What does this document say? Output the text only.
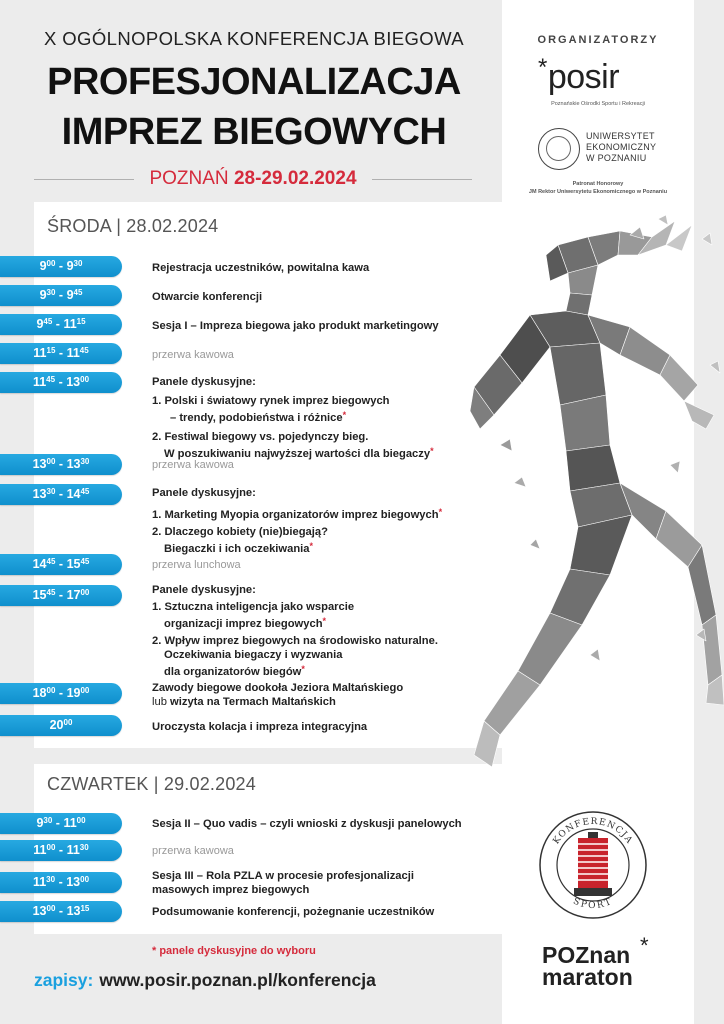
ORGANIZATORZY
*posir
Poznańskie Ośrodki Sportu i Rekreacji
UNIWERSYTET
EKONOMICZNY
W POZNANIU
Patronat Honorowy
JM Rektor Uniwersytetu Ekonomicznego w Poznaniu
X OGÓLNOPOLSKA KONFERENCJA BIEGOWA
PROFESJONALIZACJA
IMPREZ BIEGOWYCH
POZNAŃ 28-29.02.2024
ŚRODA | 28.02.2024
CZWARTEK | 29.02.2024
KONFERENCJA
SPORT
POZnan
maraton
*
$9^{00} - 9^{30}$	Rejestracja uczestników, powitalna kawa
$9^{30} - 9^{45}$	Otwarcie konferencji
$9^{45} - 11^{15}$	Sesja I – Impreza biegowa jako produkt marketingowy
$11^{15} - 11^{45}$	przerwa kawowa
$11^{45} - 13^{00}$	Panele dyskusyjne:
1. Polski i światowy rynek imprez biegowych
– trendy, podobieństwa i różnice*
2. Festiwal biegowy vs. pojedynczy bieg.
W poszukiwaniu najwyższej wartości dla biegaczy*
$13^{00} - 13^{30}$	przerwa kawowa
$13^{30} - 14^{45}$	Panele dyskusyjne:
1. Marketing Myopia organizatorów imprez biegowych*
2. Dlaczego kobiety (nie)biegają?
Biegaczki i ich oczekiwania*
$14^{45} - 15^{45}$	przerwa lunchowa
$15^{45} - 17^{00}$	Panele dyskusyjne:
1. Sztuczna inteligencja jako wsparcie
organizacji imprez biegowych*
2. Wpływ imprez biegowych na środowisko naturalne.
Oczekiwania biegaczy i wyzwania
dla organizatorów biegów*
$18^{00} - 19^{00}$	Zawody biegowe dookoła Jeziora Maltańskiego
lub wizyta na Termach Maltańskich
$20^{00}$	Uroczysta kolacja i impreza integracyjna
$9^{30} - 11^{00}$	Sesja II – Quo vadis – czyli wnioski z dyskusji panelowych
$11^{00} - 11^{30}$	przerwa kawowa
$11^{30} - 13^{00}$	Sesja III – Rola PZLA w procesie profesjonalizacji
masowych imprez biegowych
$13^{00} - 13^{15}$	Podsumowanie konferencji, pożegnanie uczestników
* panele dyskusyjne do wyboru
zapisy: www.posir.poznan.pl/konferencja
